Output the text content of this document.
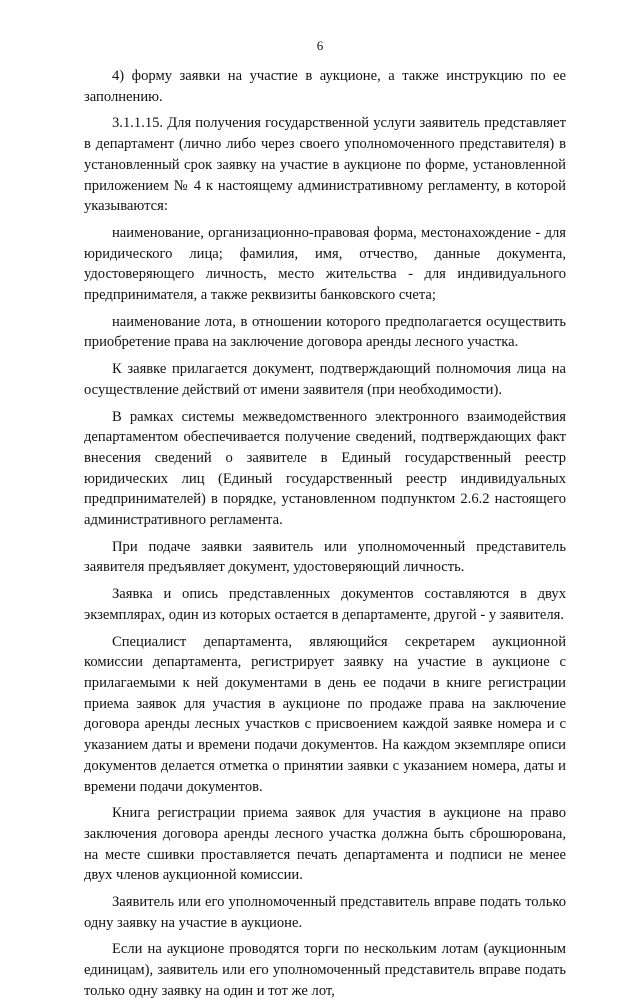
6

4) форму заявки на участие в аукционе, а также инструкцию по ее заполнению.

3.1.1.15. Для получения государственной услуги заявитель представляет в департамент (лично либо через своего уполномоченного представителя) в установленный срок заявку на участие в аукционе по форме, установленной приложением № 4 к настоящему административному регламенту, в которой указываются:

наименование, организационно-правовая форма, местонахождение - для юридического лица; фамилия, имя, отчество, данные документа, удостоверяющего личность, место жительства - для индивидуального предпринимателя, а также реквизиты банковского счета;

наименование лота, в отношении которого предполагается осуществить приобретение права на заключение договора аренды лесного участка.

К заявке прилагается документ, подтверждающий полномочия лица на осуществление действий от имени заявителя (при необходимости).

В рамках системы межведомственного электронного взаимодействия департаментом обеспечивается получение сведений, подтверждающих факт внесения сведений о заявителе в Единый государственный реестр юридических лиц (Единый государственный реестр индивидуальных предпринимателей) в порядке, установленном подпунктом 2.6.2 настоящего административного регламента.

При подаче заявки заявитель или уполномоченный представитель заявителя предъявляет документ, удостоверяющий личность.

Заявка и опись представленных документов составляются в двух экземплярах, один из которых остается в департаменте, другой - у заявителя.

Специалист департамента, являющийся секретарем аукционной комиссии департамента, регистрирует заявку на участие в аукционе с прилагаемыми к ней документами в день ее подачи в книге регистрации приема заявок для участия в аукционе по продаже права на заключение договора аренды лесных участков с присвоением каждой заявке номера и с указанием даты и времени подачи документов. На каждом экземпляре описи документов делается отметка о принятии заявки с указанием номера, даты и времени подачи документов.

Книга регистрации приема заявок для участия в аукционе на право заключения договора аренды лесного участка должна быть сброшюрована, на месте сшивки проставляется печать департамента и подписи не менее двух членов аукционной комиссии.

Заявитель или его уполномоченный представитель вправе подать только одну заявку на участие в аукционе.

Если на аукционе проводятся торги по нескольким лотам (аукционным единицам), заявитель или его уполномоченный представитель вправе подать только одну заявку на один и тот же лот,
